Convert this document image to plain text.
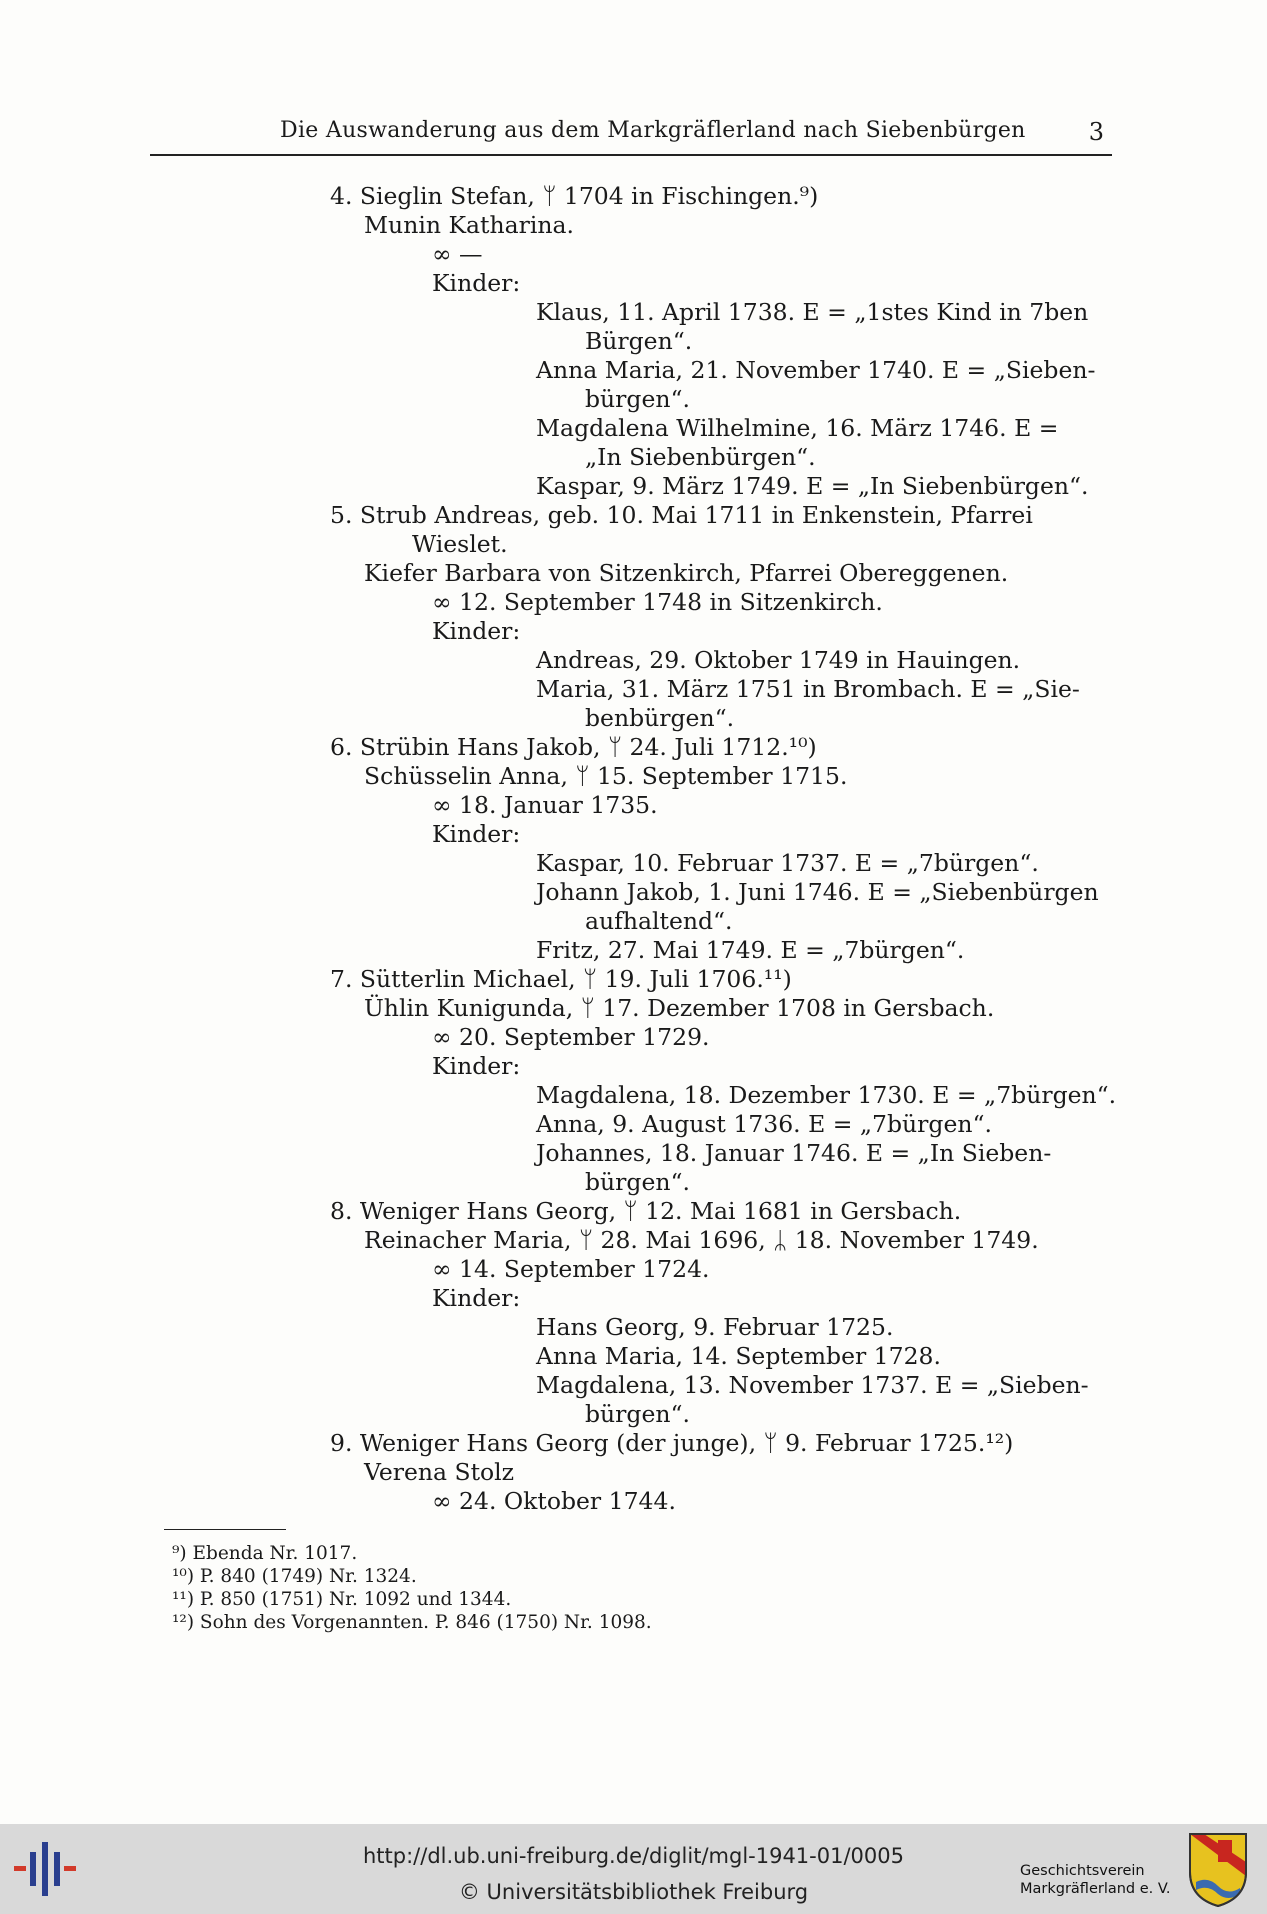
Die Auswanderung aus dem Markgräflerland nach Siebenbürgen	3
4. Sieglin Stefan, ᛘ 1704 in Fischingen.⁹)
Munin Katharina.
∞ —
Kinder:
Klaus, 11. April 1738. E = „1stes Kind in 7ben
Bürgen“.
Anna Maria, 21. November 1740. E = „Sieben-
bürgen“.
Magdalena Wilhelmine, 16. März 1746. E =
„In Siebenbürgen“.
Kaspar, 9. März 1749. E = „In Siebenbürgen“.
5. Strub Andreas, geb. 10. Mai 1711 in Enkenstein, Pfarrei
Wieslet.
Kiefer Barbara von Sitzenkirch, Pfarrei Obereggenen.
∞ 12. September 1748 in Sitzenkirch.
Kinder:
Andreas, 29. Oktober 1749 in Hauingen.
Maria, 31. März 1751 in Brombach. E = „Sie-
benbürgen“.
6. Strübin Hans Jakob, ᛘ 24. Juli 1712.¹⁰)
Schüsselin Anna, ᛘ 15. September 1715.
∞ 18. Januar 1735.
Kinder:
Kaspar, 10. Februar 1737. E = „7bürgen“.
Johann Jakob, 1. Juni 1746. E = „Siebenbürgen
aufhaltend“.
Fritz, 27. Mai 1749. E = „7bürgen“.
7. Sütterlin Michael, ᛘ 19. Juli 1706.¹¹)
Ühlin Kunigunda, ᛘ 17. Dezember 1708 in Gersbach.
∞ 20. September 1729.
Kinder:
Magdalena, 18. Dezember 1730. E = „7bürgen“.
Anna, 9. August 1736. E = „7bürgen“.
Johannes, 18. Januar 1746. E = „In Sieben-
bürgen“.
8. Weniger Hans Georg, ᛘ 12. Mai 1681 in Gersbach.
Reinacher Maria, ᛘ 28. Mai 1696, ᛦ 18. November 1749.
∞ 14. September 1724.
Kinder:
Hans Georg, 9. Februar 1725.
Anna Maria, 14. September 1728.
Magdalena, 13. November 1737. E = „Sieben-
bürgen“.
9. Weniger Hans Georg (der junge), ᛘ 9. Februar 1725.¹²)
Verena Stolz
∞ 24. Oktober 1744.
⁹) Ebenda Nr. 1017.
¹⁰) P. 840 (1749) Nr. 1324.
¹¹) P. 850 (1751) Nr. 1092 und 1344.
¹²) Sohn des Vorgenannten. P. 846 (1750) Nr. 1098.
http://dl.ub.uni-freiburg.de/diglit/mgl-1941-01/0005
© Universitätsbibliothek Freiburg
Geschichtsverein
Markgräflerland e. V.
